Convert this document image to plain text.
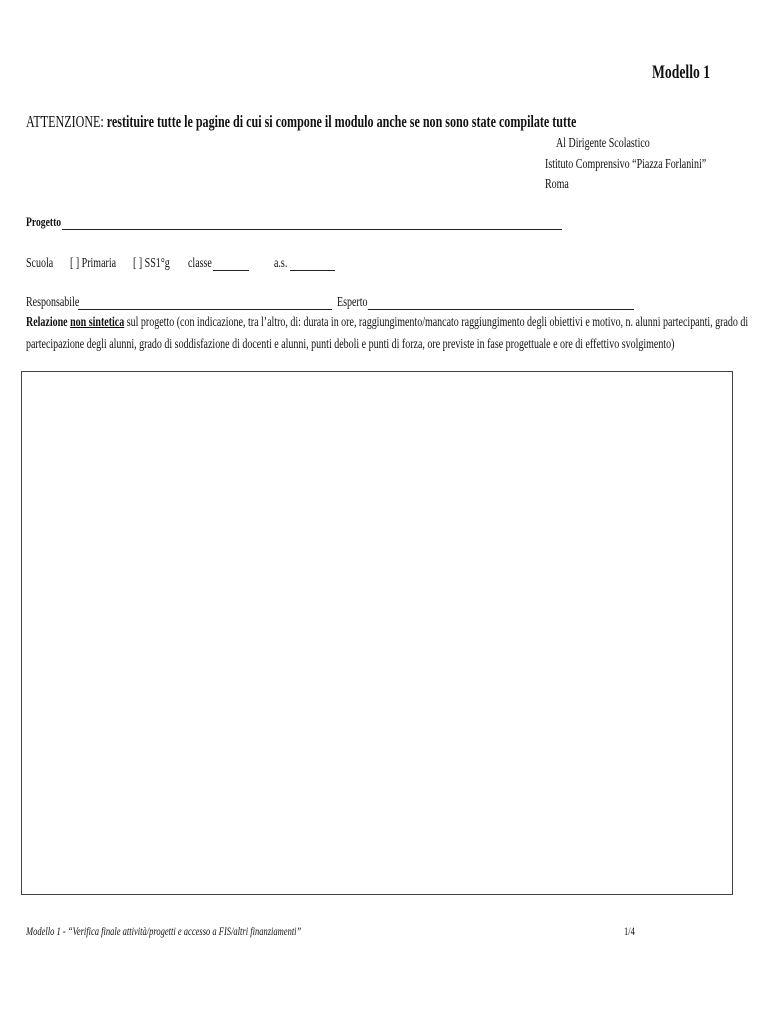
Modello 1
ATTENZIONE: restituire tutte le pagine di cui si compone il modulo anche se non sono state compilate tutte
Al Dirigente Scolastico
Istituto Comprensivo “Piazza Forlanini”
Roma
Progetto
Scuola	[ ] Primaria	[ ] SS1°g	classe	a.s.
Responsabile	Esperto
Relazione non sintetica sul progetto (con indicazione, tra l’altro, di: durata in ore, raggiungimento/mancato raggiungimento degli obiettivi e motivo, n. alunni partecipanti, grado di
partecipazione degli alunni, grado di soddisfazione di docenti e alunni, punti deboli e punti di forza, ore previste in fase progettuale e ore di effettivo svolgimento)
Modello 1 - “Verifica finale attività/progetti e accesso a FIS/altri finanziamenti”	1/4
